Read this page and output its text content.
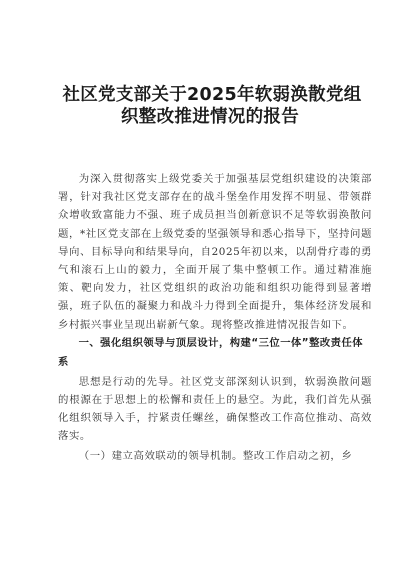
社区党支部关于2025年软弱涣散党组
织整改推进情况的报告

为深入贯彻落实上级党委关于加强基层党组织建设的决策部署，针对我社区党支部存在的战斗堡垒作用发挥不明显、带领群众增收致富能力不强、班子成员担当创新意识不足等软弱涣散问题，*社区党支部在上级党委的坚强领导和悉心指导下，坚持问题导向、目标导向和结果导向，自2025年初以来，以刮骨疗毒的勇气和滚石上山的毅力，全面开展了集中整顿工作。通过精准施策、靶向发力，社区党组织的政治功能和组织功能得到显著增强，班子队伍的凝聚力和战斗力得到全面提升，集体经济发展和乡村振兴事业呈现出崭新气象。现将整改推进情况报告如下。

一、强化组织领导与顶层设计，构建“三位一体”整改责任体系

思想是行动的先导。社区党支部深刻认识到，软弱涣散问题的根源在于思想上的松懈和责任上的悬空。为此，我们首先从强化组织领导入手，拧紧责任螺丝，确保整改工作高位推动、高效落实。

（一）建立高效联动的领导机制。整改工作启动之初，乡
